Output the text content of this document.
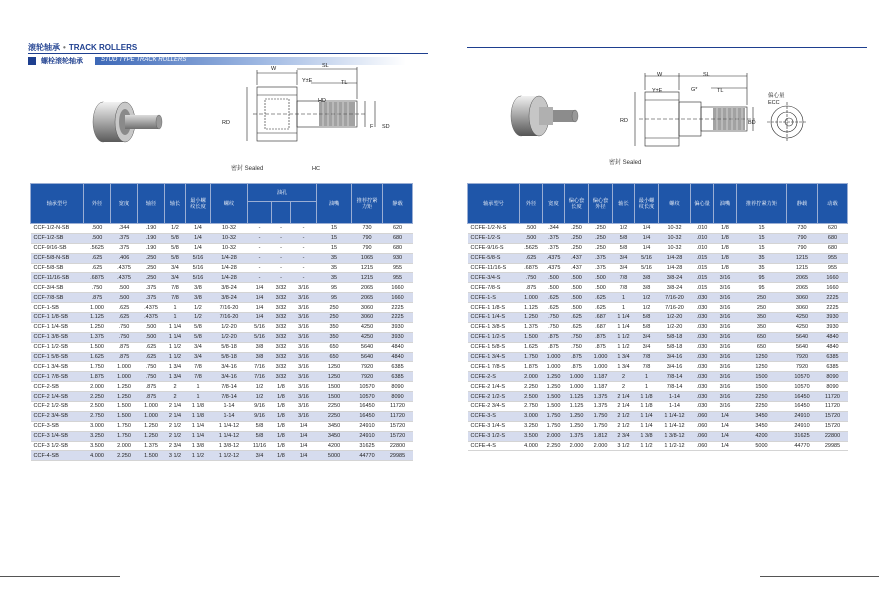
滚轮轴承 • TRACK ROLLERS
螺栓滚轮轴承	STUD TYPE TRACK ROLLERS
W	SL
Y±E	TL
HD
RD
F SD
HC
密封 Sealed
W	SL
Y±E	G*	TL
RD	BD
偏心量
ECC
密封 Sealed
轴承型号	外径	宽度	轴径	轴长	最小螺
纹长度	螺纹	油孔			油嘴	推荐拧紧
力矩	静载	动载

CCF-1/2-N-SB	.500	.344	.190	1/2	1/4	10-32	-	-	-	15	730	620	
CCF-1/2-SB	.500	.375	.190	5/8	1/4	10-32	-	-	-	15	790	680	
CCF-9/16-SB	.5625	.375	.190	5/8	1/4	10-32	-	-	-	15	790	680	
CCF-5/8-N-SB	.625	.406	.250	5/8	5/16	1/4-28	-	-	-	35	1065	930	
CCF-5/8-SB	.625	.4375	.250	3/4	5/16	1/4-28	-	-	-	35	1215	955	
CCF-11/16-SB	.6875	.4375	.250	3/4	5/16	1/4-28	-	-	-	35	1215	955	
CCF-3/4-SB	.750	.500	.375	7/8	3/8	3/8-24	1/4	3/32	3/16	95	2065	1660	
CCF-7/8-SB	.875	.500	.375	7/8	3/8	3/8-24	1/4	3/32	3/16	95	2065	1660	
CCF-1-SB	1.000	.625	.4375	1	1/2	7/16-20	1/4	3/32	3/16	250	3060	2225	
CCF-1 1/8-SB	1.125	.625	.4375	1	1/2	7/16-20	1/4	3/32	3/16	250	3060	2225	
CCF-1 1/4-SB	1.250	.750	.500	1 1/4	5/8	1/2-20	5/16	3/32	3/16	350	4250	3930	
CCF-1 3/8-SB	1.375	.750	.500	1 1/4	5/8	1/2-20	5/16	3/32	3/16	350	4250	3930	
CCF-1 1/2-SB	1.500	.875	.625	1 1/2	3/4	5/8-18	3/8	3/32	3/16	650	5640	4840	
CCF-1 5/8-SB	1.625	.875	.625	1 1/2	3/4	5/8-18	3/8	3/32	3/16	650	5640	4840	
CCF-1 3/4-SB	1.750	1.000	.750	1 3/4	7/8	3/4-16	7/16	3/32	3/16	1250	7920	6385	
CCF-1 7/8-SB	1.875	1.000	.750	1 3/4	7/8	3/4-16	7/16	3/32	3/16	1250	7920	6385	
CCF-2-SB	2.000	1.250	.875	2	1	7/8-14	1/2	1/8	3/16	1500	10570	8090	
CCF-2 1/4-SB	2.250	1.250	.875	2	1	7/8-14	1/2	1/8	3/16	1500	10570	8090	
CCF-2 1/2-SB	2.500	1.500	1.000	2 1/4	1 1/8	1-14	9/16	1/8	3/16	2250	16450	11720	
CCF-2 3/4-SB	2.750	1.500	1.000	2 1/4	1 1/8	1-14	9/16	1/8	3/16	2250	16450	11720	
CCF-3-SB	3.000	1.750	1.250	2 1/2	1 1/4	1 1/4-12	5/8	1/8	1/4	3450	24910	15720	
CCF-3 1/4-SB	3.250	1.750	1.250	2 1/2	1 1/4	1 1/4-12	5/8	1/8	1/4	3450	24910	15720	
CCF-3 1/2-SB	3.500	2.000	1.375	2 3/4	1 3/8	1 3/8-12	11/16	1/8	1/4	4200	31625	22800	
CCF-4-SB	4.000	2.250	1.500	3 1/2	1 1/2	1 1/2-12	3/4	1/8	1/4	5000	44770	29985	
轴承型号	外径	宽度	偏心套
长度	偏心套
外径	轴长	最小螺
纹长度	螺纹	偏心量	油嘴	推荐拧紧力矩	静载	动载
CCFE-1/2-N-S	.500	.344	.250	.250	1/2	1/4	10-32	.010	1/8	15	730	620
CCFE-1/2-S	.500	.375	.250	.250	5/8	1/4	10-32	.010	1/8	15	790	680
CCFE-9/16-S	.5625	.375	.250	.250	5/8	1/4	10-32	.010	1/8	15	790	680
CCFE-5/8-S	.625	.4375	.437	.375	3/4	5/16	1/4-28	.015	1/8	35	1215	955
CCFE-11/16-S	.6875	.4375	.437	.375	3/4	5/16	1/4-28	.015	1/8	35	1215	955
CCFE-3/4-S	.750	.500	.500	.500	7/8	3/8	3/8-24	.015	3/16	95	2065	1660
CCFE-7/8-S	.875	.500	.500	.500	7/8	3/8	3/8-24	.015	3/16	95	2065	1660
CCFE-1-S	1.000	.625	.500	.625	1	1/2	7/16-20	.030	3/16	250	3060	2225
CCFE-1 1/8-S	1.125	.625	.500	.625	1	1/2	7/16-20	.030	3/16	250	3060	2225
CCFE-1 1/4-S	1.250	.750	.625	.687	1 1/4	5/8	1/2-20	.030	3/16	350	4250	3930
CCFE-1 3/8-S	1.375	.750	.625	.687	1 1/4	5/8	1/2-20	.030	3/16	350	4250	3930
CCFE-1 1/2-S	1.500	.875	.750	.875	1 1/2	3/4	5/8-18	.030	3/16	650	5640	4840
CCFE-1 5/8-S	1.625	.875	.750	.875	1 1/2	3/4	5/8-18	.030	3/16	650	5640	4840
CCFE-1 3/4-S	1.750	1.000	.875	1.000	1 3/4	7/8	3/4-16	.030	3/16	1250	7920	6385
CCFE-1 7/8-S	1.875	1.000	.875	1.000	1 3/4	7/8	3/4-16	.030	3/16	1250	7920	6385
CCFE-2-S	2.000	1.250	1.000	1.187	2	1	7/8-14	.030	3/16	1500	10570	8090
CCFE-2 1/4-S	2.250	1.250	1.000	1.187	2	1	7/8-14	.030	3/16	1500	10570	8090
CCFE-2 1/2-S	2.500	1.500	1.125	1.375	2 1/4	1 1/8	1-14	.030	3/16	2250	16450	11720
CCFE-2 3/4-S	2.750	1.500	1.125	1.375	2 1/4	1 1/8	1-14	.030	3/16	2250	16450	11720
CCFE-3-S	3.000	1.750	1.250	1.750	2 1/2	1 1/4	1 1/4-12	.060	1/4	3450	24910	15720
CCFE-3 1/4-S	3.250	1.750	1.250	1.750	2 1/2	1 1/4	1 1/4-12	.060	1/4	3450	24910	15720
CCFE-3 1/2-S	3.500	2.000	1.375	1.812	2 3/4	1 3/8	1 3/8-12	.060	1/4	4200	31625	22800
CCFE-4-S	4.000	2.250	2.000	2.000	3 1/2	1 1/2	1 1/2-12	.060	1/4	5000	44770	29985
